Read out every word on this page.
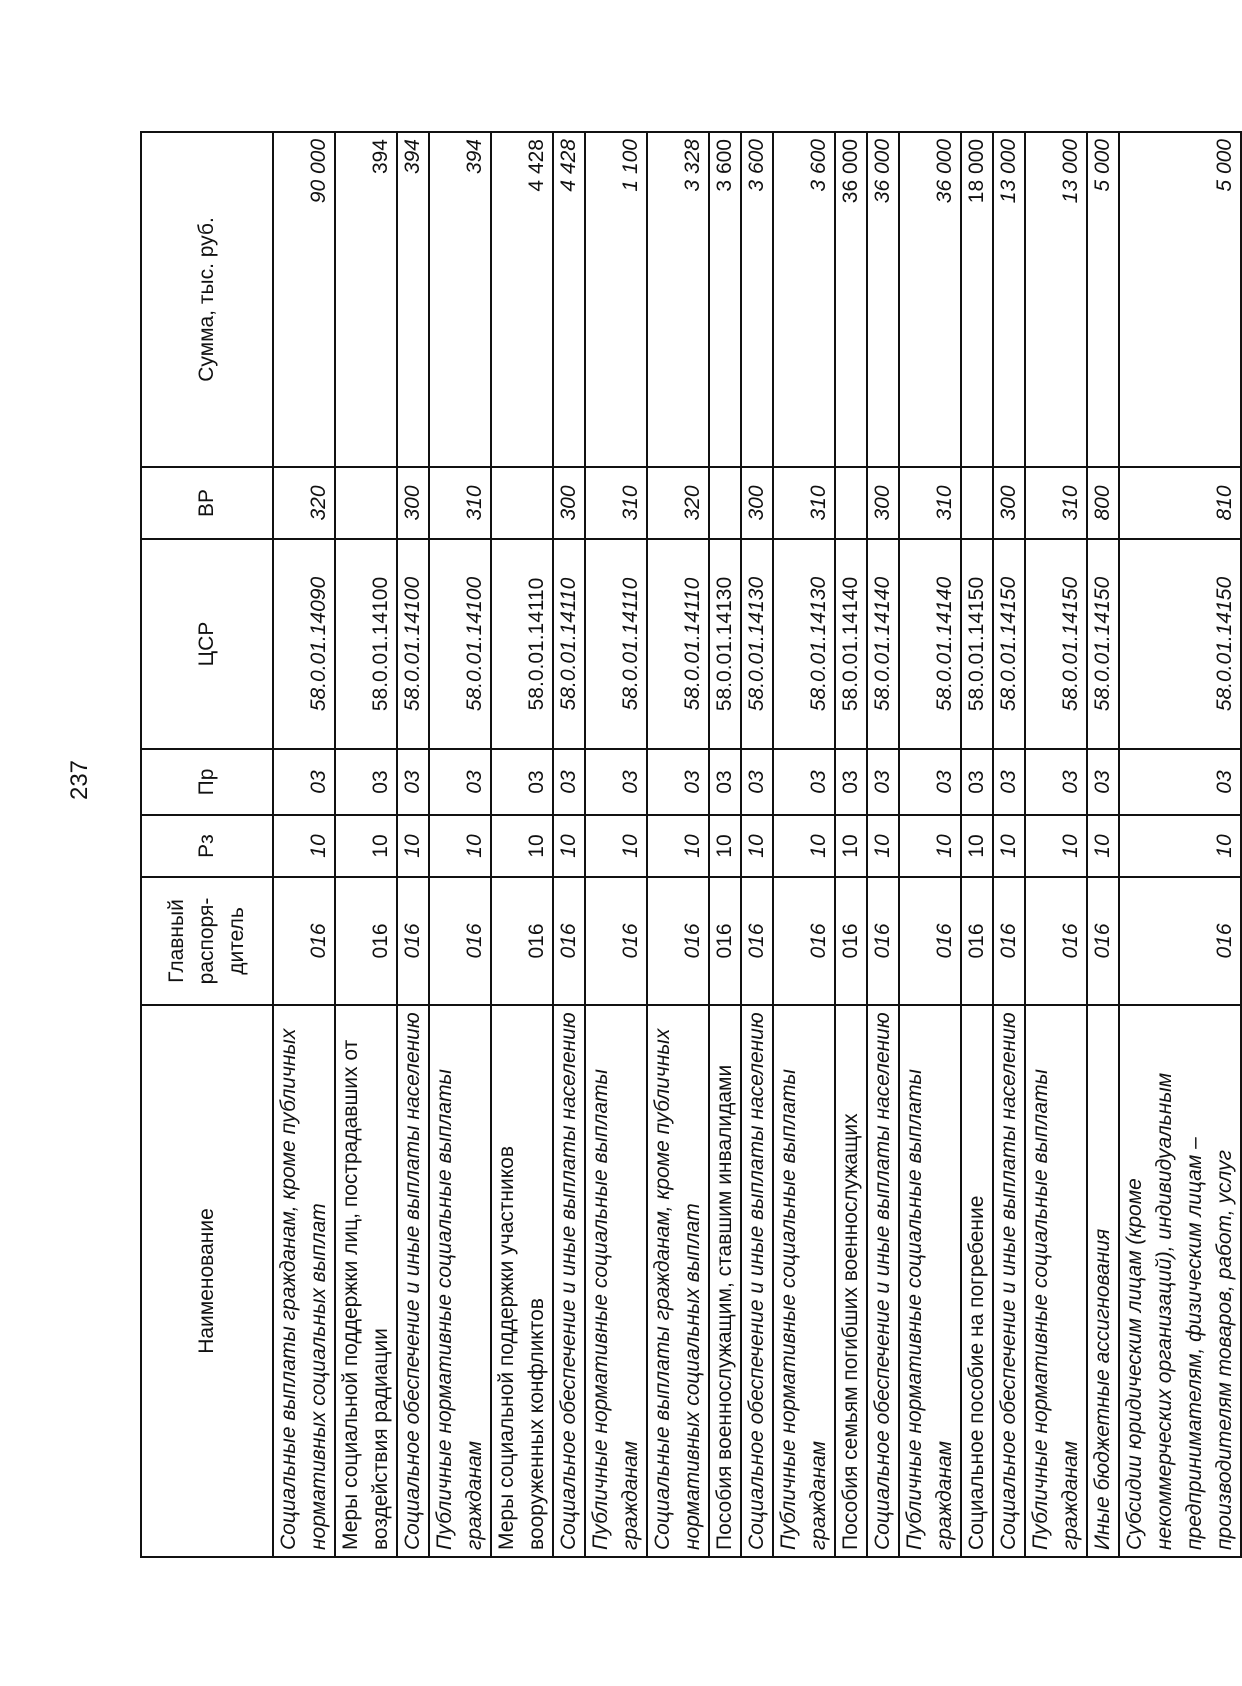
237
Наименование	Главный распоря-дитель	Рз	Пр	ЦСР	ВР	Сумма, тыс. руб.
Социальные выплаты гражданам, кроме публичных нормативных социальных выплат	016	10	03	58.0.01.14090	320	90 000
Меры социальной поддержки лиц, пострадавших от воздействия радиации	016	10	03	58.0.01.14100		394
Социальное обеспечение и иные выплаты населению	016	10	03	58.0.01.14100	300	394
Публичные нормативные социальные выплаты гражданам	016	10	03	58.0.01.14100	310	394
Меры социальной поддержки участников вооруженных конфликтов	016	10	03	58.0.01.14110		4 428
Социальное обеспечение и иные выплаты населению	016	10	03	58.0.01.14110	300	4 428
Публичные нормативные социальные выплаты гражданам	016	10	03	58.0.01.14110	310	1 100
Социальные выплаты гражданам, кроме публичных нормативных социальных выплат	016	10	03	58.0.01.14110	320	3 328
Пособия военнослужащим, ставшим инвалидами	016	10	03	58.0.01.14130		3 600
Социальное обеспечение и иные выплаты населению	016	10	03	58.0.01.14130	300	3 600
Публичные нормативные социальные выплаты гражданам	016	10	03	58.0.01.14130	310	3 600
Пособия семьям погибших военнослужащих	016	10	03	58.0.01.14140		36 000
Социальное обеспечение и иные выплаты населению	016	10	03	58.0.01.14140	300	36 000
Публичные нормативные социальные выплаты гражданам	016	10	03	58.0.01.14140	310	36 000
Социальное пособие на погребение	016	10	03	58.0.01.14150		18 000
Социальное обеспечение и иные выплаты населению	016	10	03	58.0.01.14150	300	13 000
Публичные нормативные социальные выплаты гражданам	016	10	03	58.0.01.14150	310	13 000
Иные бюджетные ассигнования	016	10	03	58.0.01.14150	800	5 000
Субсидии юридическим лицам (кроме некоммерческих организаций), индивидуальным предпринимателям, физическим лицам – производителям товаров, работ, услуг	016	10	03	58.0.01.14150	810	5 000
